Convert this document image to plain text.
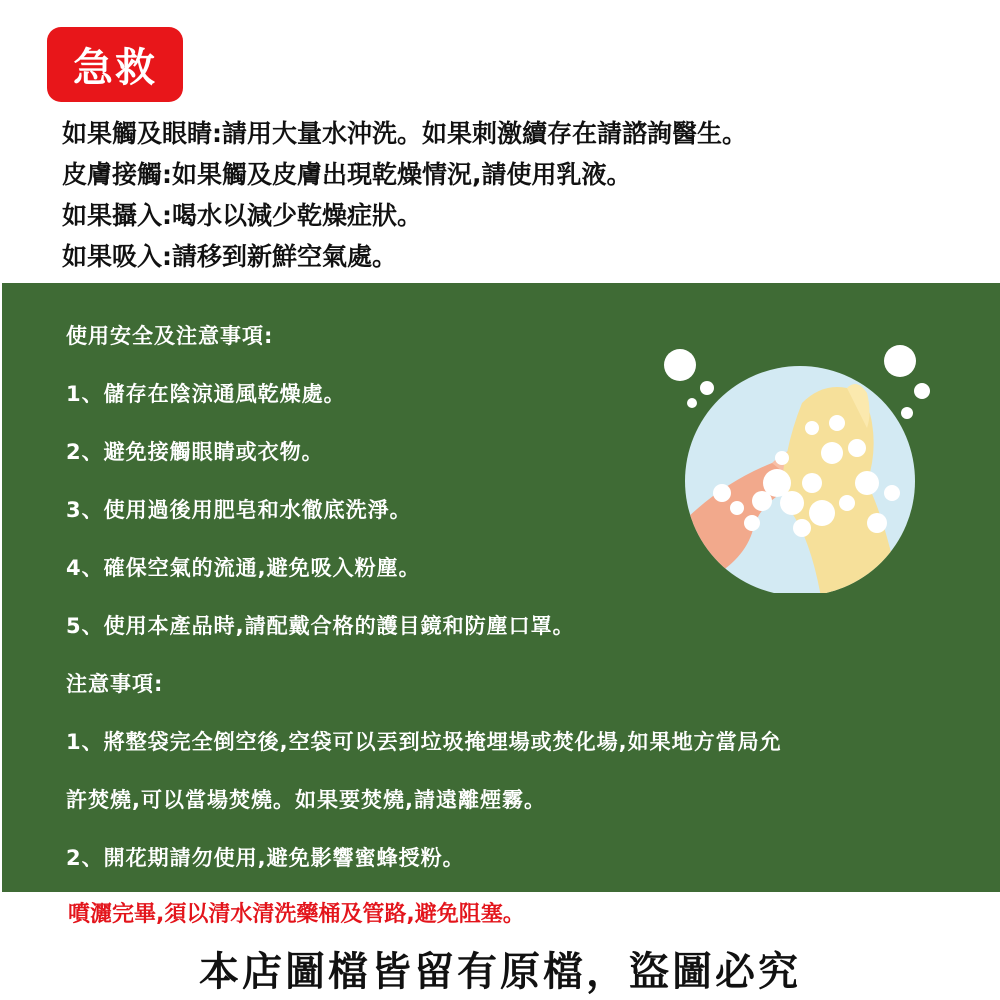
急救
如果觸及眼睛:請用大量水沖洗。如果刺激續存在請諮詢醫生。
皮膚接觸:如果觸及皮膚出現乾燥情況,請使用乳液。
如果攝入:喝水以減少乾燥症狀。
如果吸入:請移到新鮮空氣處。
使用安全及注意事項:
1、儲存在陰涼通風乾燥處。
2、避免接觸眼睛或衣物。
3、使用過後用肥皂和水徹底洗淨。
4、確保空氣的流通,避免吸入粉塵。
5、使用本產品時,請配戴合格的護目鏡和防塵口罩。
注意事項:
1、將整袋完全倒空後,空袋可以丟到垃圾掩埋場或焚化場,如果地方當局允
許焚燒,可以當場焚燒。如果要焚燒,請遠離煙霧。
2、開花期請勿使用,避免影響蜜蜂授粉。
噴灑完畢,須以清水清洗藥桶及管路,避免阻塞。
本店圖檔皆留有原檔，盜圖必究
